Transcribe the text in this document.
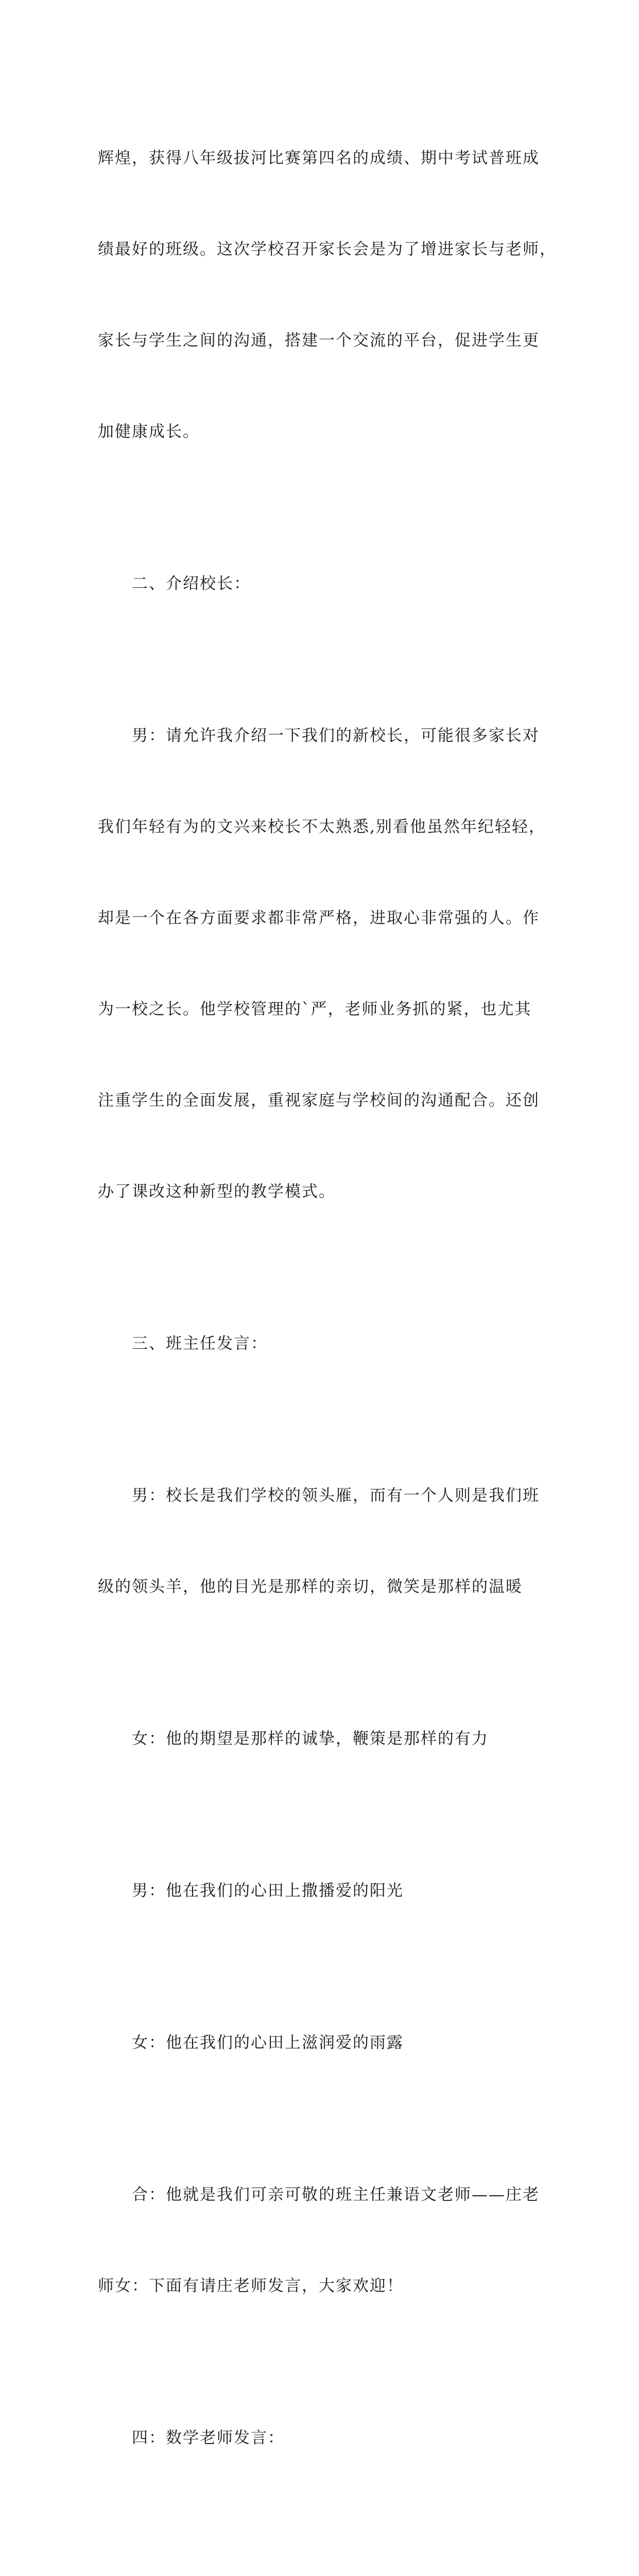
辉煌，获得八年级拔河比赛第四名的成绩、期中考试普班成

绩最好的班级。这次学校召开家长会是为了增进家长与老师，

家长与学生之间的沟通，搭建一个交流的平台，促进学生更

加健康成长。

　　二、介绍校长：

　　男：请允许我介绍一下我们的新校长，可能很多家长对

我们年轻有为的文兴来校长不太熟悉,别看他虽然年纪轻轻，

却是一个在各方面要求都非常严格，进取心非常强的人。作

为一校之长。他学校管理的`严，老师业务抓的紧，也尤其

注重学生的全面发展，重视家庭与学校间的沟通配合。还创

办了课改这种新型的教学模式。

　　三、班主任发言：

　　男：校长是我们学校的领头雁，而有一个人则是我们班

级的领头羊，他的目光是那样的亲切，微笑是那样的温暖

　　女：他的期望是那样的诚挚，鞭策是那样的有力

　　男：他在我们的心田上撒播爱的阳光

　　女：他在我们的心田上滋润爱的雨露

　　合：他就是我们可亲可敬的班主任兼语文老师——庄老

师女：下面有请庄老师发言，大家欢迎！

　　四：数学老师发言：
